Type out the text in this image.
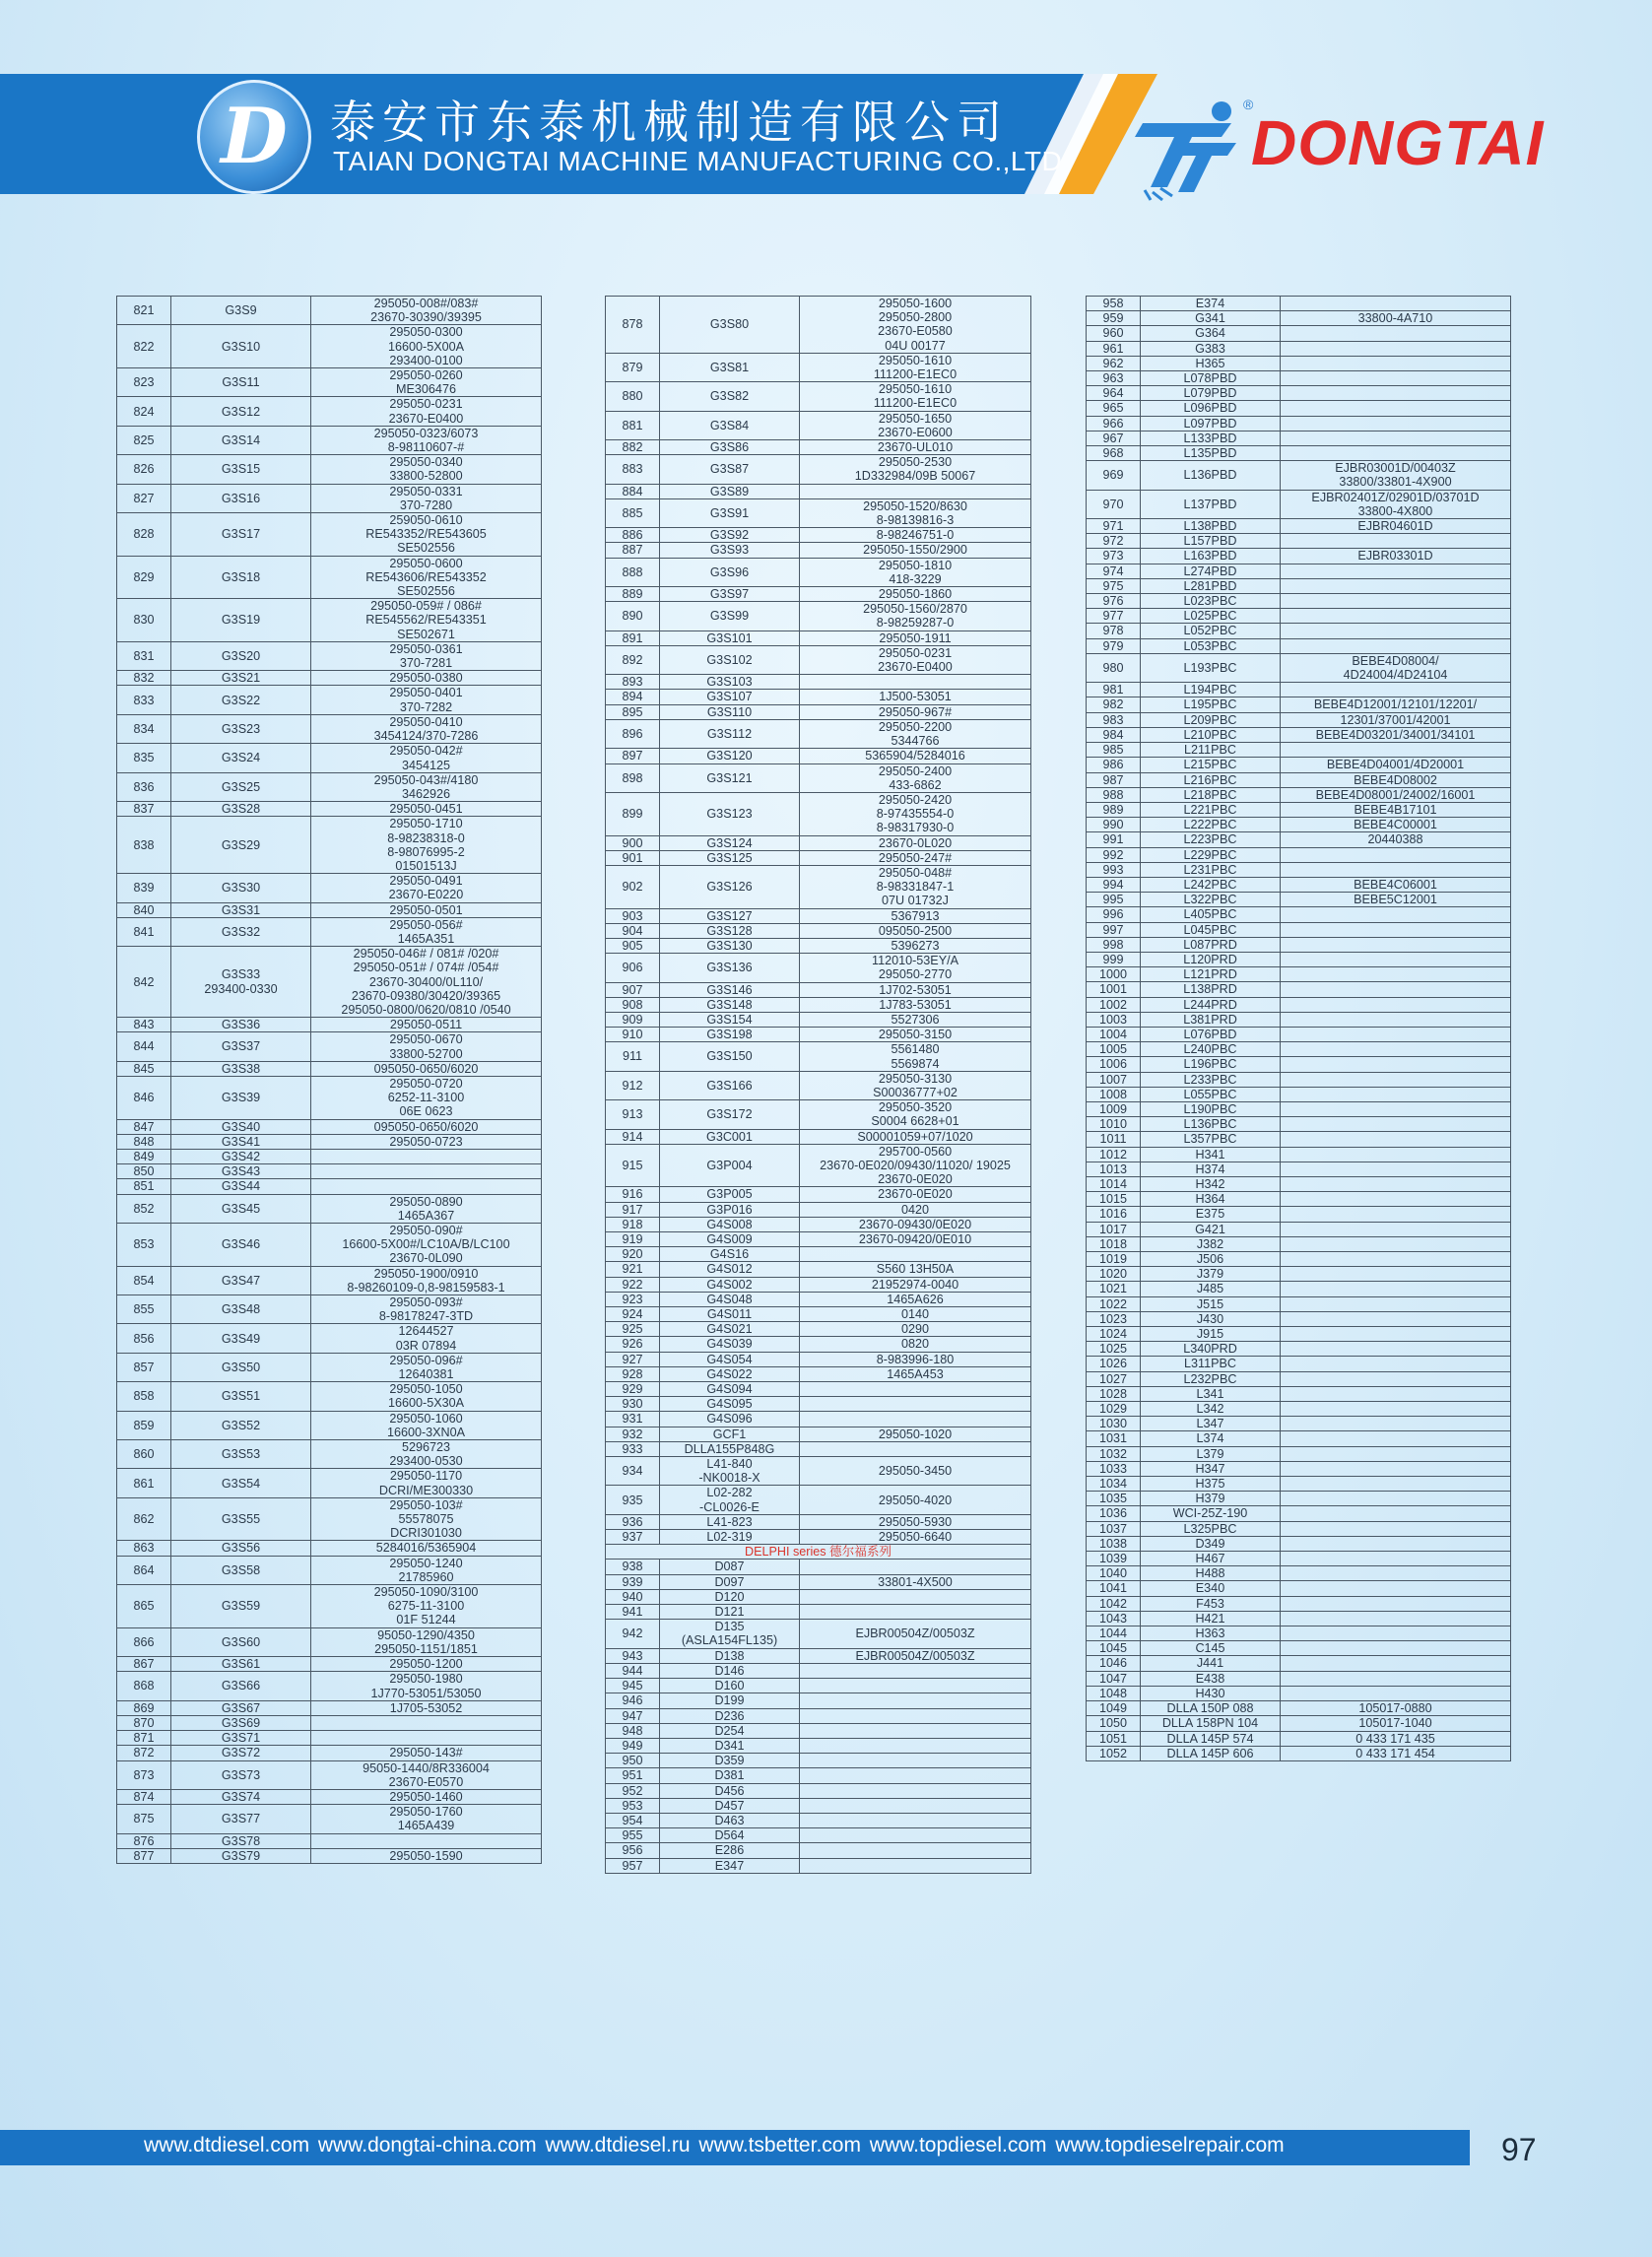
D 泰安市东泰机械制造有限公司
TAIAN DONGTAI MACHINE MANUFACTURING CO.,LTD
®
DONGTAI
821	G3S9	295050-008#/083#
23670-30390/39395
822	G3S10	295050-0300
16600-5X00A
293400-0100
823	G3S11	295050-0260
ME306476
824	G3S12	295050-0231
23670-E0400
825	G3S14	295050-0323/6073
8-98110607-#
826	G3S15	295050-0340
33800-52800
827	G3S16	295050-0331
370-7280
828	G3S17	259050-0610
RE543352/RE543605
SE502556
829	G3S18	295050-0600
RE543606/RE543352
SE502556
830	G3S19	295050-059# / 086#
RE545562/RE543351
SE502671
831	G3S20	295050-0361
370-7281
832	G3S21	295050-0380
833	G3S22	295050-0401
370-7282
834	G3S23	295050-0410
3454124/370-7286
835	G3S24	295050-042#
3454125
836	G3S25	295050-043#/4180
3462926
837	G3S28	295050-0451
838	G3S29	295050-1710
8-98238318-0
8-98076995-2
01501513J
839	G3S30	295050-0491
23670-E0220
840	G3S31	295050-0501
841	G3S32	295050-056#
1465A351
842	G3S33
293400-0330	295050-046# / 081# /020#
295050-051# / 074# /054#
23670-30400/0L110/
23670-09380/30420/39365
295050-0800/0620/0810 /0540
843	G3S36	295050-0511
844	G3S37	295050-0670
33800-52700
845	G3S38	095050-0650/6020
846	G3S39	295050-0720
6252-11-3100
06E 0623
847	G3S40	095050-0650/6020
848	G3S41	295050-0723
849	G3S42	
850	G3S43	
851	G3S44	
852	G3S45	295050-0890
1465A367
853	G3S46	295050-090#
16600-5X00#/LC10A/B/LC100
23670-0L090
854	G3S47	295050-1900/0910
8-98260109-0,8-98159583-1
855	G3S48	295050-093#
8-98178247-3TD
856	G3S49	12644527
03R 07894
857	G3S50	295050-096#
12640381
858	G3S51	295050-1050
16600-5X30A
859	G3S52	295050-1060
16600-3XN0A
860	G3S53	5296723
293400-0530
861	G3S54	295050-1170
DCRI/ME300330
862	G3S55	295050-103#
55578075
DCRI301030
863	G3S56	5284016/5365904
864	G3S58	295050-1240
21785960
865	G3S59	295050-1090/3100
6275-11-3100
01F 51244
866	G3S60	95050-1290/4350
295050-1151/1851
867	G3S61	295050-1200
868	G3S66	295050-1980
1J770-53051/53050
869	G3S67	1J705-53052
870	G3S69	
871	G3S71	
872	G3S72	295050-143#
873	G3S73	95050-1440/8R336004
23670-E0570
874	G3S74	295050-1460
875	G3S77	295050-1760
1465A439
876	G3S78	
877	G3S79	295050-1590
878	G3S80	295050-1600
295050-2800
23670-E0580
04U 00177
879	G3S81	295050-1610
111200-E1EC0
880	G3S82	295050-1610
111200-E1EC0
881	G3S84	295050-1650
23670-E0600
882	G3S86	23670-UL010
883	G3S87	295050-2530
1D332984/09B 50067
884	G3S89	
885	G3S91	295050-1520/8630
8-98139816-3
886	G3S92	8-98246751-0
887	G3S93	295050-1550/2900
888	G3S96	295050-1810
418-3229
889	G3S97	295050-1860
890	G3S99	295050-1560/2870
8-98259287-0
891	G3S101	295050-1911
892	G3S102	295050-0231
23670-E0400
893	G3S103	
894	G3S107	1J500-53051
895	G3S110	295050-967#
896	G3S112	295050-2200
5344766
897	G3S120	5365904/5284016
898	G3S121	295050-2400
433-6862
899	G3S123	295050-2420
8-97435554-0
8-98317930-0
900	G3S124	23670-0L020
901	G3S125	295050-247#
902	G3S126	295050-048#
8-98331847-1
07U 01732J
903	G3S127	5367913
904	G3S128	095050-2500
905	G3S130	5396273
906	G3S136	112010-53EY/A
295050-2770
907	G3S146	1J702-53051
908	G3S148	1J783-53051
909	G3S154	5527306
910	G3S198	295050-3150
911	G3S150	5561480
5569874
912	G3S166	295050-3130
S00036777+02
913	G3S172	295050-3520
S0004 6628+01
914	G3C001	S00001059+07/1020
915	G3P004	295700-0560
23670-0E020/09430/11020/ 19025
23670-0E020
916	G3P005	23670-0E020
917	G3P016	0420
918	G4S008	23670-09430/0E020
919	G4S009	23670-09420/0E010
920	G4S16	
921	G4S012	S560 13H50A
922	G4S002	21952974-0040
923	G4S048	1465A626
924	G4S011	0140
925	G4S021	0290
926	G4S039	0820
927	G4S054	8-983996-180
928	G4S022	1465A453
929	G4S094	
930	G4S095	
931	G4S096	
932	GCF1	295050-1020
933	DLLA155P848G	
934	L41-840
-NK0018-X	295050-3450
935	L02-282
-CL0026-E	295050-4020
936	L41-823	295050-5930
937	L02-319	295050-6640
DELPHI series 德尔福系列		
938	D087	
939	D097	33801-4X500
940	D120	
941	D121	
942	D135
(ASLA154FL135)	EJBR00504Z/00503Z
943	D138	EJBR00504Z/00503Z
944	D146	
945	D160	
946	D199	
947	D236	
948	D254	
949	D341	
950	D359	
951	D381	
952	D456	
953	D457	
954	D463	
955	D564	
956	E286	
957	E347	
958	E374	
959	G341	33800-4A710
960	G364	
961	G383	
962	H365	
963	L078PBD	
964	L079PBD	
965	L096PBD	
966	L097PBD	
967	L133PBD	
968	L135PBD	
969	L136PBD	EJBR03001D/00403Z
33800/33801-4X900
970	L137PBD	EJBR02401Z/02901D/03701D
33800-4X800
971	L138PBD	EJBR04601D
972	L157PBD	
973	L163PBD	EJBR03301D
974	L274PBD	
975	L281PBD	
976	L023PBC	
977	L025PBC	
978	L052PBC	
979	L053PBC	
980	L193PBC	BEBE4D08004/
4D24004/4D24104
981	L194PBC	
982	L195PBC	BEBE4D12001/12101/12201/
983	L209PBC	12301/37001/42001
984	L210PBC	BEBE4D03201/34001/34101
985	L211PBC	
986	L215PBC	BEBE4D04001/4D20001
987	L216PBC	BEBE4D08002
988	L218PBC	BEBE4D08001/24002/16001
989	L221PBC	BEBE4B17101
990	L222PBC	BEBE4C00001
991	L223PBC	20440388
992	L229PBC	
993	L231PBC	
994	L242PBC	BEBE4C06001
995	L322PBC	BEBE5C12001
996	L405PBC	
997	L045PBC	
998	L087PRD	
999	L120PRD	
1000	L121PRD	
1001	L138PRD	
1002	L244PRD	
1003	L381PRD	
1004	L076PBD	
1005	L240PBC	
1006	L196PBC	
1007	L233PBC	
1008	L055PBC	
1009	L190PBC	
1010	L136PBC	
1011	L357PBC	
1012	H341	
1013	H374	
1014	H342	
1015	H364	
1016	E375	
1017	G421	
1018	J382	
1019	J506	
1020	J379	
1021	J485	
1022	J515	
1023	J430	
1024	J915	
1025	L340PRD	
1026	L311PBC	
1027	L232PBC	
1028	L341	
1029	L342	
1030	L347	
1031	L374	
1032	L379	
1033	H347	
1034	H375	
1035	H379	
1036	WCI-25Z-190	
1037	L325PBC	
1038	D349	
1039	H467	
1040	H488	
1041	E340	
1042	F453	
1043	H421	
1044	H363	
1045	C145	
1046	J441	
1047	E438	
1048	H430	
1049	DLLA 150P 088	105017-0880
1050	DLLA 158PN 104	105017-1040
1051	DLLA 145P 574	0 433 171 435
1052	DLLA 145P 606	0 433 171 454
www.dtdiesel.com www.dongtai-china.com www.dtdiesel.ru www.tsbetter.com www.topdiesel.com www.topdieselrepair.com	97
